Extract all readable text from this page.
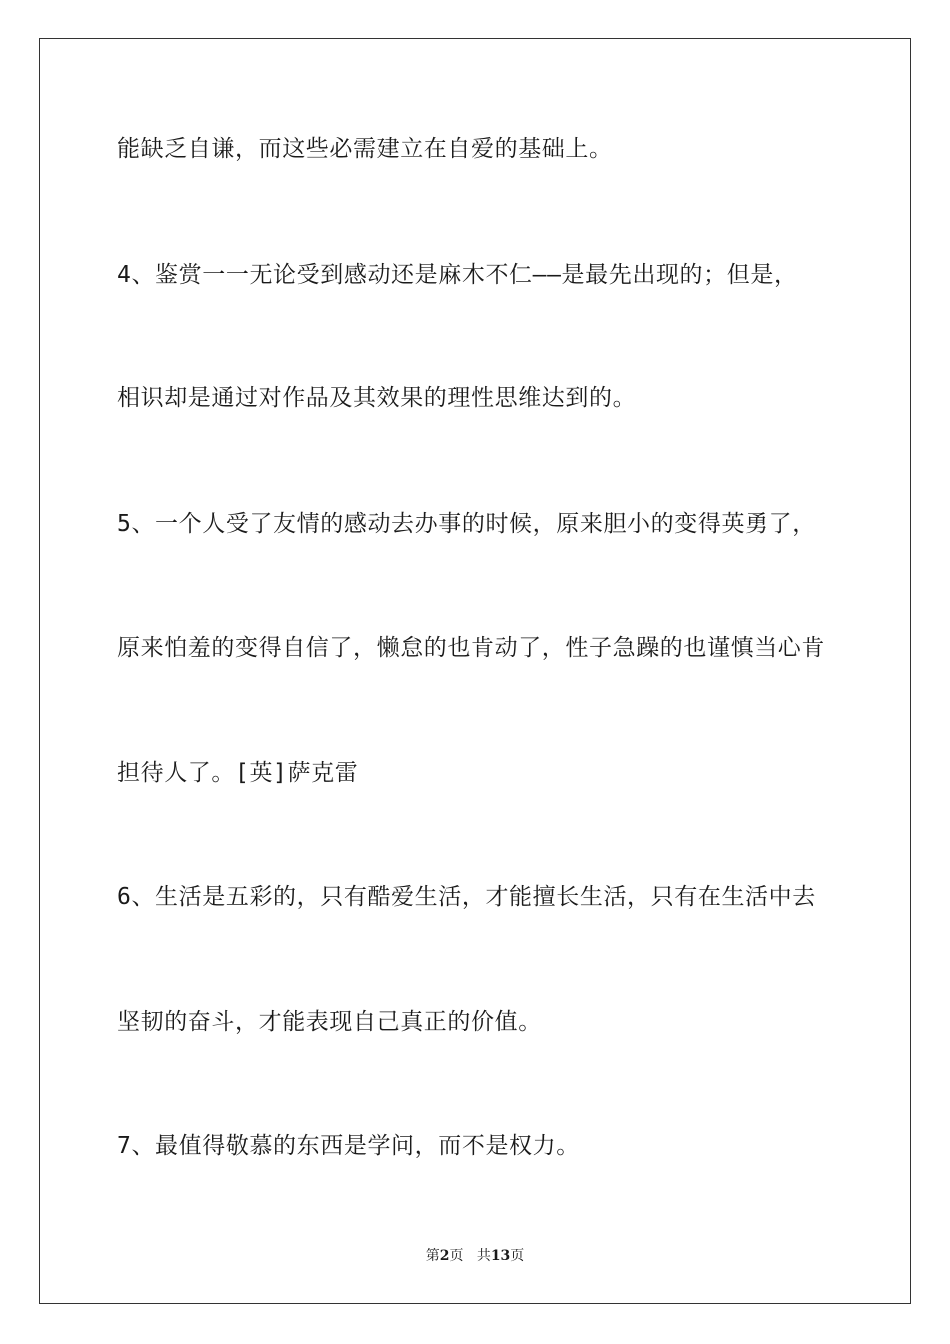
能缺乏自谦，而这些必需建立在自爱的基础上。
4、鉴赏一一无论受到感动还是麻木不仁——是最先出现的；但是，
相识却是通过对作品及其效果的理性思维达到的。
5、一个人受了友情的感动去办事的时候，原来胆小的变得英勇了，
原来怕羞的变得自信了，懒怠的也肯动了，性子急躁的也谨慎当心肯
担待人了。[英]萨克雷
6、生活是五彩的，只有酷爱生活，才能擅长生活，只有在生活中去
坚韧的奋斗，才能表现自己真正的价值。
7、最值得敬慕的东西是学问，而不是权力。
第2页 共13页
